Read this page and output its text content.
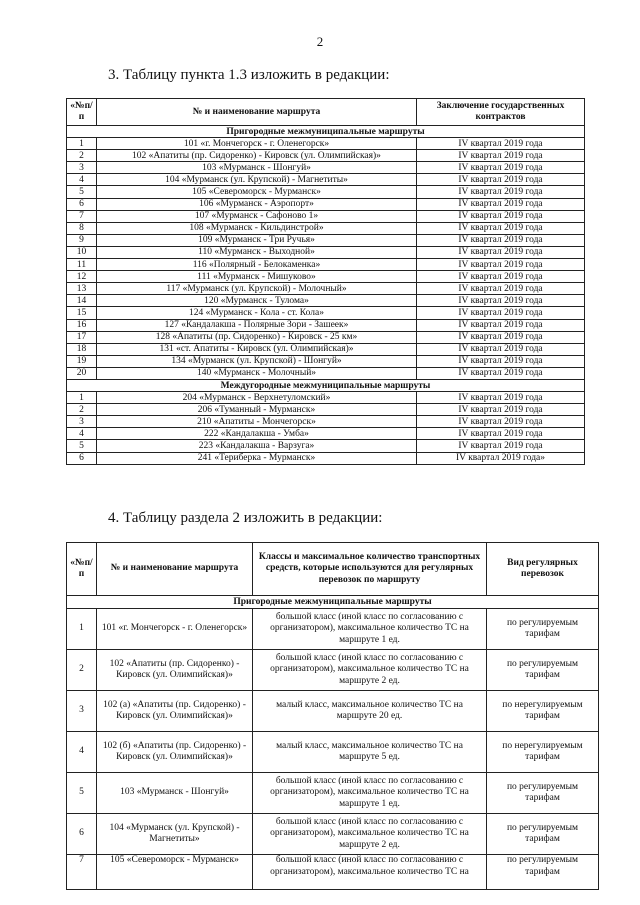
2
3. Таблицу пункта 1.3 изложить в редакции:
«№п/п	№ и наименование маршрута	Заключение государственных контрактов
Пригородные межмуниципальные маршруты		
1	101 «г. Мончегорск - г. Оленегорск»	IV квартал 2019 года
2	102 «Апатиты (пр. Сидоренко) - Кировск (ул. Олимпийская)»	IV квартал 2019 года
3	103 «Мурманск - Шонгуй»	IV квартал 2019 года
4	104 «Мурманск (ул. Крупской) - Магнетиты»	IV квартал 2019 года
5	105 «Североморск - Мурманск»	IV квартал 2019 года
6	106 «Мурманск - Аэропорт»	IV квартал 2019 года
7	107 «Мурманск - Сафоново 1»	IV квартал 2019 года
8	108 «Мурманск - Кильдинстрой»	IV квартал 2019 года
9	109 «Мурманск - Три Ручья»	IV квартал 2019 года
10	110 «Мурманск - Выходной»	IV квартал 2019 года
11	116 «Полярный - Белокаменка»	IV квартал 2019 года
12	111 «Мурманск - Мишуково»	IV квартал 2019 года
13	117 «Мурманск (ул. Крупской) - Молочный»	IV квартал 2019 года
14	120 «Мурманск - Тулома»	IV квартал 2019 года
15	124 «Мурманск - Кола - ст. Кола»	IV квартал 2019 года
16	127 «Кандалакша - Полярные Зори - Зашеек»	IV квартал 2019 года
17	128 «Апатиты (пр. Сидоренко) - Кировск - 25 км»	IV квартал 2019 года
18	131 «ст. Апатиты - Кировск (ул. Олимпийская)»	IV квартал 2019 года
19	134 «Мурманск (ул. Крупской) - Шонгуй»	IV квартал 2019 года
20	140 «Мурманск - Молочный»	IV квартал 2019 года
Междугородные межмуниципальные маршруты		
1	204 «Мурманск - Верхнетуломский»	IV квартал 2019 года
2	206 «Туманный - Мурманск»	IV квартал 2019 года
3	210 «Апатиты - Мончегорск»	IV квартал 2019 года
4	222 «Кандалакша - Умба»	IV квартал 2019 года
5	223 «Кандалакша - Варзуга»	IV квартал 2019 года
6	241 «Териберка - Мурманск»	IV квартал 2019 года»
4. Таблицу раздела 2 изложить в редакции:
«№п/п	№ и наименование маршрута	Классы и максимальное количество транспортных средств, которые используются для регулярных перевозок по маршруту	Вид регулярных перевозок
Пригородные межмуниципальные маршруты			
1	101 «г. Мончегорск - г. Оленегорск»	большой класс (иной класс по согласованию с организатором), максимальное количество ТС на маршруте 1 ед.	по регулируемым тарифам
2	102 «Апатиты (пр. Сидоренко) - Кировск (ул. Олимпийская)»	большой класс (иной класс по согласованию с организатором), максимальное количество ТС на маршруте 2 ед.	по регулируемым тарифам
3	102 (а) «Апатиты (пр. Сидоренко) - Кировск (ул. Олимпийская)»	малый класс, максимальное количество ТС на маршруте 20 ед.	по нерегулируемым тарифам
4	102 (б) «Апатиты (пр. Сидоренко) - Кировск (ул. Олимпийская)»	малый класс, максимальное количество ТС на маршруте 5 ед.	по нерегулируемым тарифам
5	103 «Мурманск - Шонгуй»	большой класс (иной класс по согласованию с организатором), максимальное количество ТС на маршруте 1 ед.	по регулируемым тарифам
6	104 «Мурманск (ул. Крупской) - Магнетиты»	большой класс (иной класс по согласованию с организатором), максимальное количество ТС на маршруте 2 ед.	по регулируемым тарифам
7	105 «Североморск - Мурманск»	большой класс (иной класс по согласованию с организатором), максимальное количество ТС на	по регулируемым тарифам
